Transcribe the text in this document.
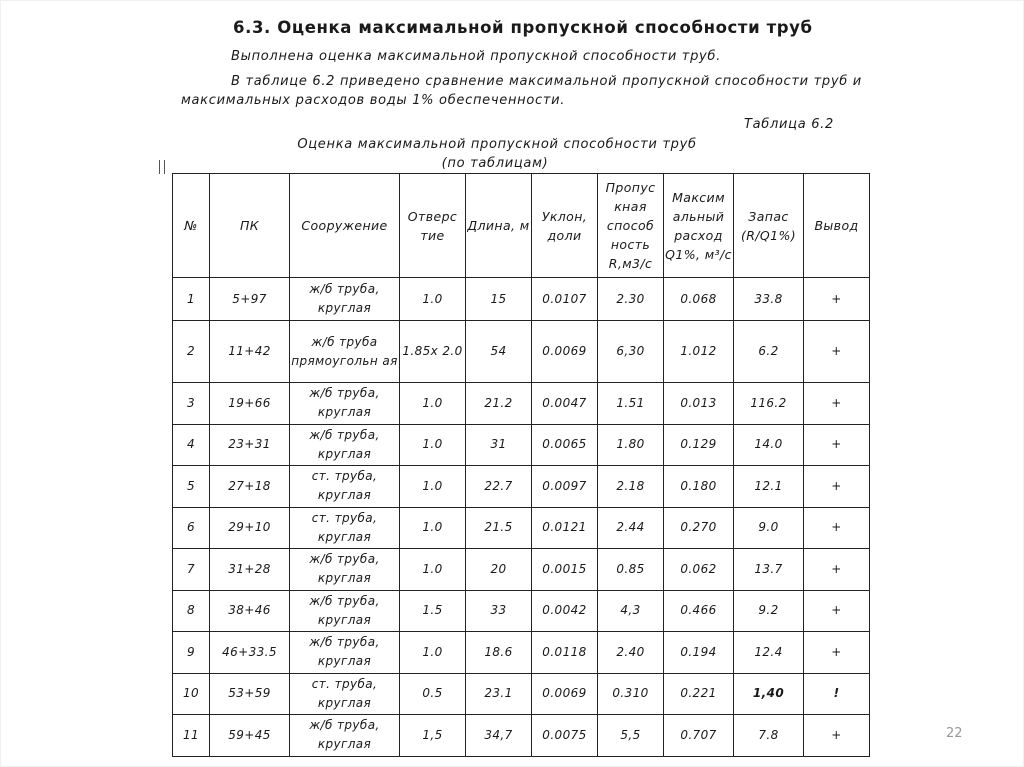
6.3. Оценка максимальной пропускной способности труб
Выполнена оценка максимальной пропускной способности труб.
В таблице 6.2 приведено сравнение максимальной пропускной способности труб и
максимальных расходов воды 1% обеспеченности.
Таблица 6.2
Оценка максимальной пропускной способности труб
(по таблицам)
№	ПК	Сооружение	Отверс тие	Длина, м	Уклон, доли	Пропус кная способ ность R,м3/с	Максим альный расход Q1%, м³/с	Запас (R/Q1%)	Вывод
1	5+97	ж/б труба, круглая	1.0	15	0.0107	2.30	0.068	33.8	+
2	11+42	ж/б труба прямоугольн ая	1.85х 2.0	54	0.0069	6,30	1.012	6.2	+
3	19+66	ж/б труба, круглая	1.0	21.2	0.0047	1.51	0.013	116.2	+
4	23+31	ж/б труба, круглая	1.0	31	0.0065	1.80	0.129	14.0	+
5	27+18	ст. труба, круглая	1.0	22.7	0.0097	2.18	0.180	12.1	+
6	29+10	ст. труба, круглая	1.0	21.5	0.0121	2.44	0.270	9.0	+
7	31+28	ж/б труба, круглая	1.0	20	0.0015	0.85	0.062	13.7	+
8	38+46	ж/б труба, круглая	1.5	33	0.0042	4,3	0.466	9.2	+
9	46+33.5	ж/б труба, круглая	1.0	18.6	0.0118	2.40	0.194	12.4	+
10	53+59	ст. труба, круглая	0.5	23.1	0.0069	0.310	0.221	1,40	!
11	59+45	ж/б труба, круглая	1,5	34,7	0.0075	5,5	0.707	7.8	+	22
